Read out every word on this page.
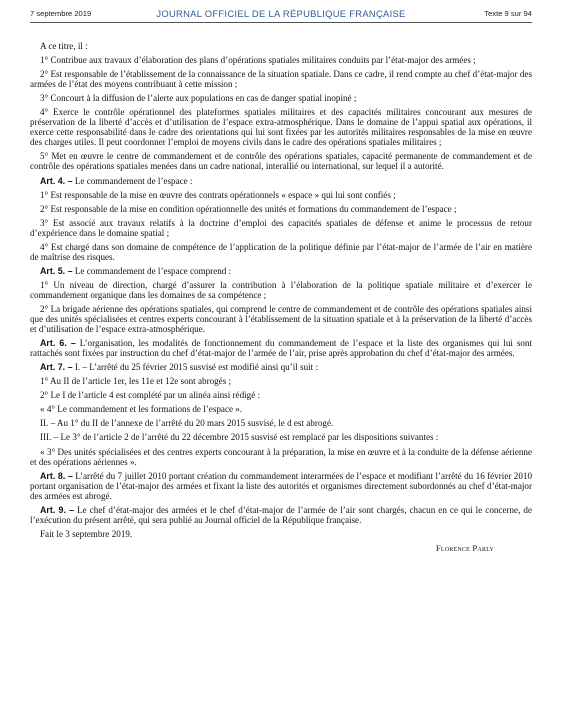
7 septembre 2019	JOURNAL OFFICIEL DE LA RÉPUBLIQUE FRANÇAISE	Texte 9 sur 94

A ce titre, il :

1° Contribue aux travaux d’élaboration des plans d’opérations spatiales militaires conduits par l’état-major des armées ;

2° Est responsable de l’établissement de la connaissance de la situation spatiale. Dans ce cadre, il rend compte au chef d’état-major des armées de l’état des moyens contribuant à cette mission ;

3° Concourt à la diffusion de l’alerte aux populations en cas de danger spatial inopiné ;

4° Exerce le contrôle opérationnel des plateformes spatiales militaires et des capacités militaires concourant aux mesures de préservation de la liberté d’accès et d’utilisation de l’espace extra-atmosphérique. Dans le domaine de l’appui spatial aux opérations, il exerce cette responsabilité dans le cadre des orientations qui lui sont fixées par les autorités militaires responsables de la mise en œuvre des charges utiles. Il peut coordonner l’emploi de moyens civils dans le cadre des opérations spatiales militaires ;

5° Met en œuvre le centre de commandement et de contrôle des opérations spatiales, capacité permanente de commandement et de contrôle des opérations spatiales menées dans un cadre national, interallié ou international, sur lequel il a autorité.

Art. 4. – Le commandement de l’espace :

1° Est responsable de la mise en œuvre des contrats opérationnels « espace » qui lui sont confiés ;

2° Est responsable de la mise en condition opérationnelle des unités et formations du commandement de l’espace ;

3° Est associé aux travaux relatifs à la doctrine d’emploi des capacités spatiales de défense et anime le processus de retour d’expérience dans le domaine spatial ;

4° Est chargé dans son domaine de compétence de l’application de la politique définie par l’état-major de l’armée de l’air en matière de maîtrise des risques.

Art. 5. – Le commandement de l’espace comprend :

1° Un niveau de direction, chargé d’assurer la contribution à l’élaboration de la politique spatiale militaire et d’exercer le commandement organique dans les domaines de sa compétence ;

2° La brigade aérienne des opérations spatiales, qui comprend le centre de commandement et de contrôle des opérations spatiales ainsi que des unités spécialisées et centres experts concourant à l’établissement de la situation spatiale et à la préservation de la liberté d’accès et d’utilisation de l’espace extra-atmosphérique.

Art. 6. – L’organisation, les modalités de fonctionnement du commandement de l’espace et la liste des organismes qui lui sont rattachés sont fixées par instruction du chef d’état-major de l’armée de l’air, prise après approbation du chef d’état-major des armées.

Art. 7. – I. – L’arrêté du 25 février 2015 susvisé est modifié ainsi qu’il suit :

1° Au II de l’article 1er, les 11e et 12e sont abrogés ;

2° Le I de l’article 4 est complété par un alinéa ainsi rédigé :

« 4° Le commandement et les formations de l’espace ».

II. – Au 1° du II de l’annexe de l’arrêté du 20 mars 2015 susvisé, le d est abrogé.

III. – Le 3° de l’article 2 de l’arrêté du 22 décembre 2015 susvisé est remplacé par les dispositions suivantes :

« 3° Des unités spécialisées et des centres experts concourant à la préparation, la mise en œuvre et à la conduite de la défense aérienne et des opérations aériennes ».

Art. 8. – L’arrêté du 7 juillet 2010 portant création du commandement interarmées de l’espace et modifiant l’arrêté du 16 février 2010 portant organisation de l’état-major des armées et fixant la liste des autorités et organismes directement subordonnés au chef d’état-major des armées est abrogé.

Art. 9. – Le chef d’état-major des armées et le chef d’état-major de l’armée de l’air sont chargés, chacun en ce qui le concerne, de l’exécution du présent arrêté, qui sera publié au Journal officiel de la République française.

Fait le 3 septembre 2019.

Florence Parly
